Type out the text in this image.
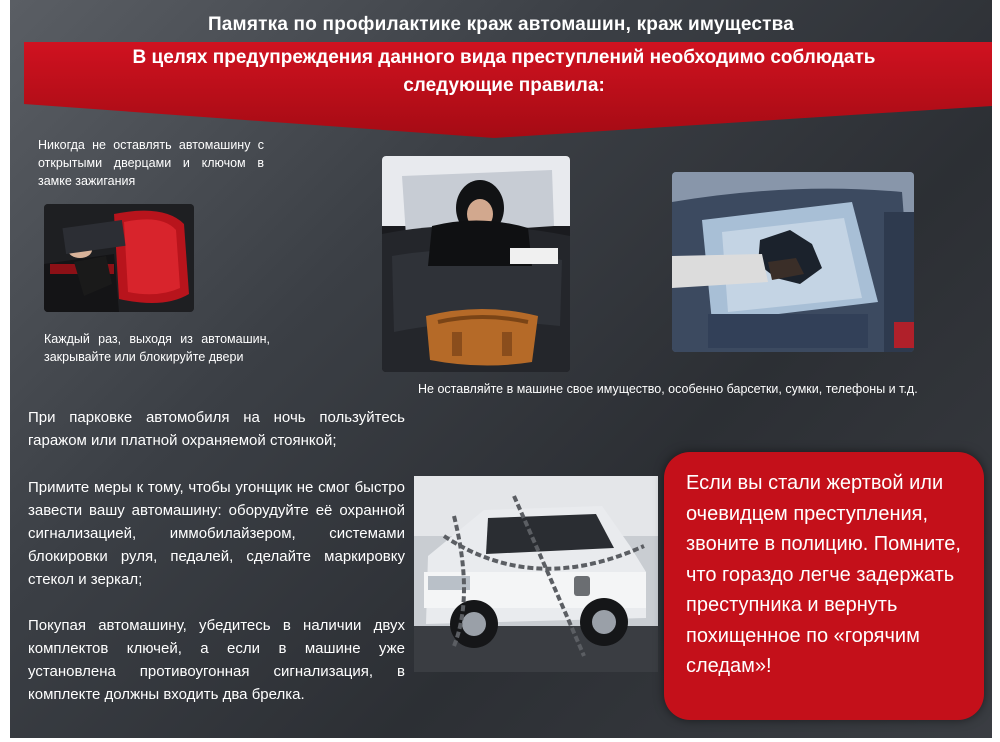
Памятка по профилактике краж автомашин, краж имущества
В целях предупреждения данного вида преступлений необходимо соблюдать
следующие правила:
Никогда не оставлять автомашину с открытыми дверцами и ключом в замке зажигания
Каждый раз, выходя из автомашин, закрывайте или блокируйте двери
Не оставляйте в машине свое имущество, особенно барсетки, сумки, телефоны и т.д.
При парковке автомобиля на ночь пользуйтесь гаражом или платной охраняемой стоянкой;
Примите меры к тому, чтобы угонщик не смог быстро завести вашу автомашину: оборудуйте её охранной сигнализацией, иммобилайзером, системами блокировки руля, педалей, сделайте маркировку стекол и зеркал;
Покупая автомашину, убедитесь в наличии двух комплектов ключей, а если в машине уже установлена противоугонная сигнализация, в комплекте должны входить два брелка.
Если вы стали жертвой или очевидцем преступления, звоните в полицию. Помните, что гораздо легче задержать преступника и вернуть похищенное по «горячим следам»!
